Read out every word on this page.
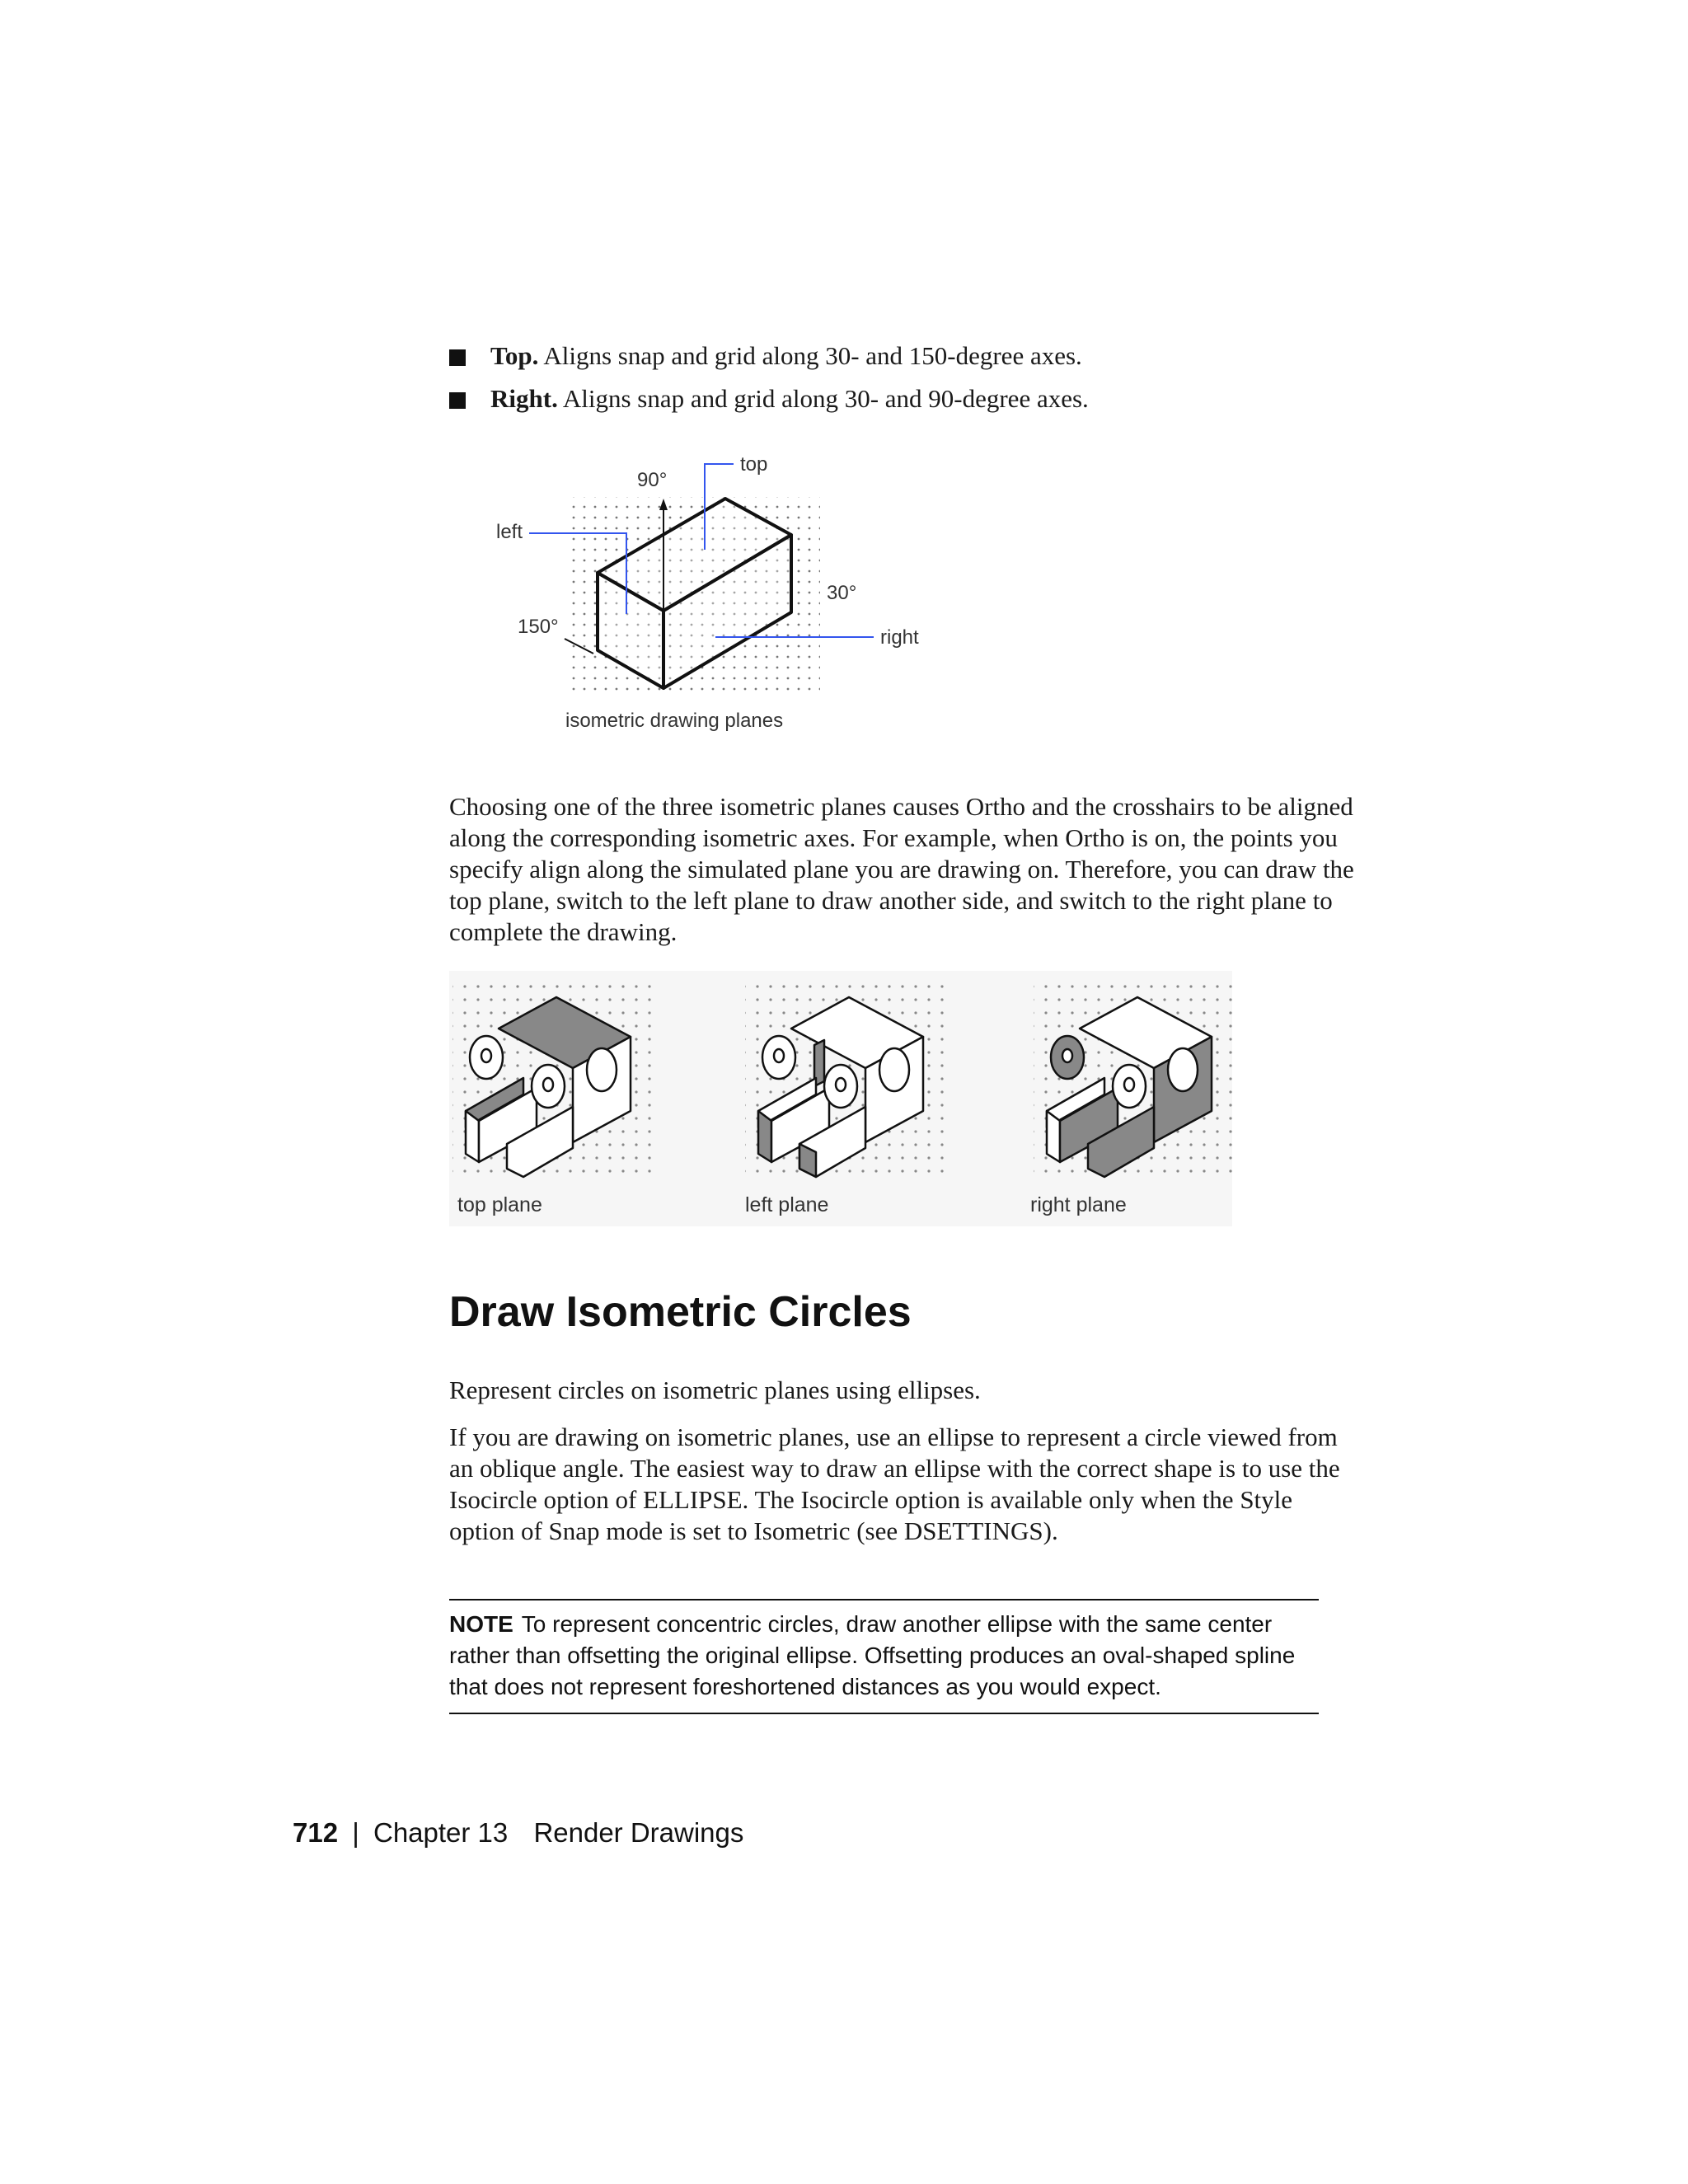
Top. Aligns snap and grid along 30- and 150-degree axes.
Right. Aligns snap and grid along 30- and 90-degree axes.
top
90°
left
30°
150°	right
isometric drawing planes

Choosing one of the three isometric planes causes Ortho and the crosshairs to be aligned along the corresponding isometric axes. For example, when Ortho is on, the points you specify align along the simulated plane you are drawing on. Therefore, you can draw the top plane, switch to the left plane to draw another side, and switch to the right plane to complete the drawing.

top plane	left plane	right plane
Draw Isometric Circles

Represent circles on isometric planes using ellipses.

If you are drawing on isometric planes, use an ellipse to represent a circle viewed from an oblique angle. The easiest way to draw an ellipse with the correct shape is to use the Isocircle option of ELLIPSE. The Isocircle option is available only when the Style option of Snap mode is set to Isometric (see DSETTINGS).

NOTE To represent concentric circles, draw another ellipse with the same center rather than offsetting the original ellipse. Offsetting produces an oval-shaped spline that does not represent foreshortened distances as you would expect.
712 | Chapter 13 Render Drawings
